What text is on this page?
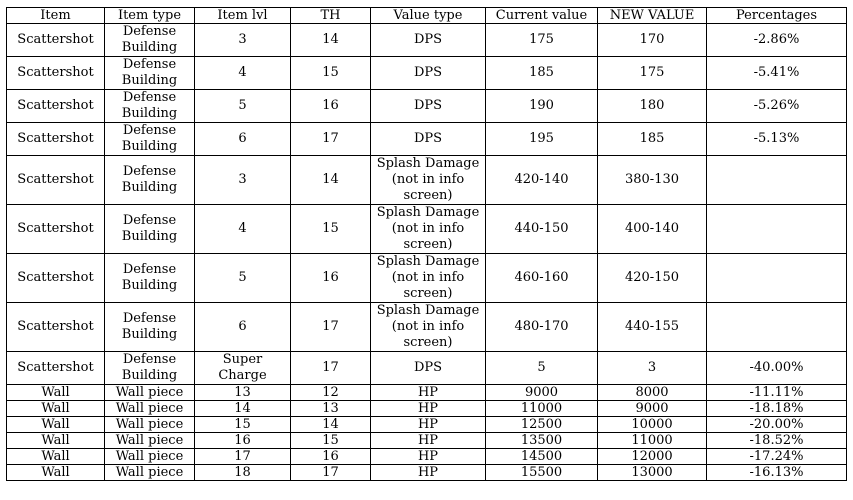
Item	Item type	Item lvl	TH	Value type	Current value	NEW VALUE	Percentages
Scattershot	Defense Building	3	14	DPS	175	170	-2.86%
Scattershot	Defense Building	4	15	DPS	185	175	-5.41%
Scattershot	Defense Building	5	16	DPS	190	180	-5.26%
Scattershot	Defense Building	6	17	DPS	195	185	-5.13%
Scattershot	Defense Building	3	14	Splash Damage (not in info screen)	420-140	380-130	
Scattershot	Defense Building	4	15	Splash Damage (not in info screen)	440-150	400-140	
Scattershot	Defense Building	5	16	Splash Damage (not in info screen)	460-160	420-150	
Scattershot	Defense Building	6	17	Splash Damage (not in info screen)	480-170	440-155	
Scattershot	Defense Building	Super Charge	17	DPS	5	3	-40.00%
Wall	Wall piece	13	12	HP	9000	8000	-11.11%
Wall	Wall piece	14	13	HP	11000	9000	-18.18%
Wall	Wall piece	15	14	HP	12500	10000	-20.00%
Wall	Wall piece	16	15	HP	13500	11000	-18.52%
Wall	Wall piece	17	16	HP	14500	12000	-17.24%
Wall	Wall piece	18	17	HP	15500	13000	-16.13%
